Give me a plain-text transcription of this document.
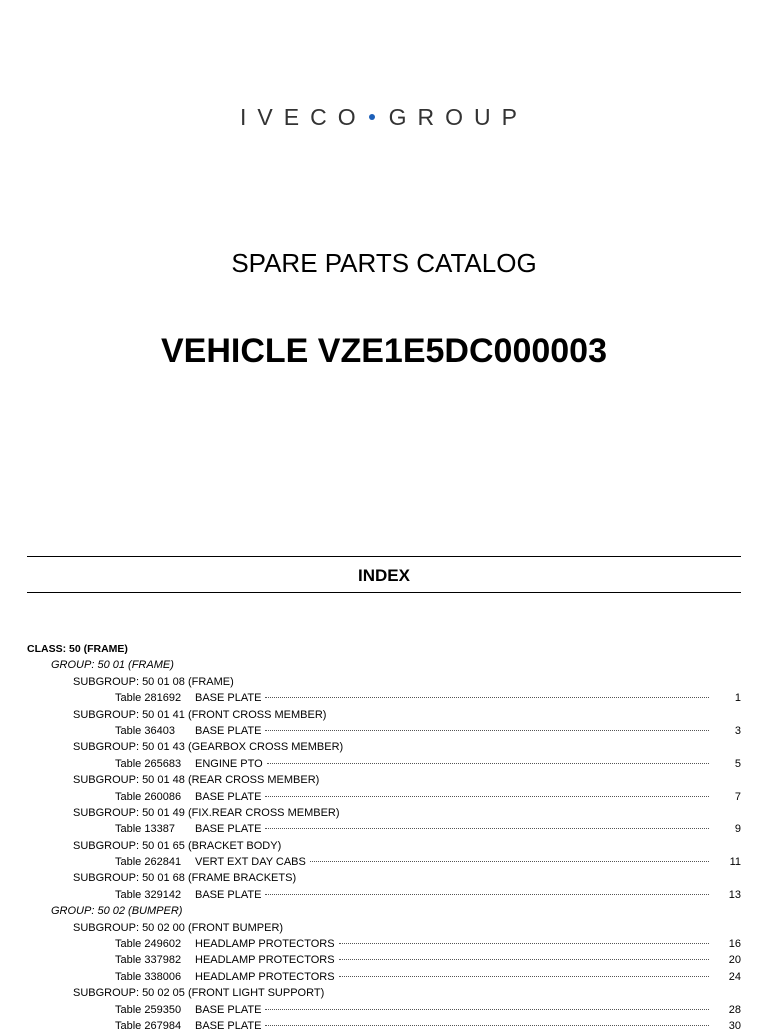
IVECO GROUP
SPARE PARTS CATALOG
VEHICLE VZE1E5DC000003
INDEX
CLASS: 50 (FRAME)
GROUP: 50 01 (FRAME)
SUBGROUP: 50 01 08 (FRAME)
Table 281692	BASE PLATE	1
SUBGROUP: 50 01 41 (FRONT CROSS MEMBER)
Table 36403	BASE PLATE	3
SUBGROUP: 50 01 43 (GEARBOX CROSS MEMBER)
Table 265683	ENGINE PTO	5
SUBGROUP: 50 01 48 (REAR CROSS MEMBER)
Table 260086	BASE PLATE	7
SUBGROUP: 50 01 49 (FIX.REAR CROSS MEMBER)
Table 13387	BASE PLATE	9
SUBGROUP: 50 01 65 (BRACKET BODY)
Table 262841	VERT EXT DAY CABS	11
SUBGROUP: 50 01 68 (FRAME BRACKETS)
Table 329142	BASE PLATE	13
GROUP: 50 02 (BUMPER)
SUBGROUP: 50 02 00 (FRONT BUMPER)
Table 249602	HEADLAMP PROTECTORS	16
Table 337982	HEADLAMP PROTECTORS	20
Table 338006	HEADLAMP PROTECTORS	24
SUBGROUP: 50 02 05 (FRONT LIGHT SUPPORT)
Table 259350	BASE PLATE	28
Table 267984	BASE PLATE	30
